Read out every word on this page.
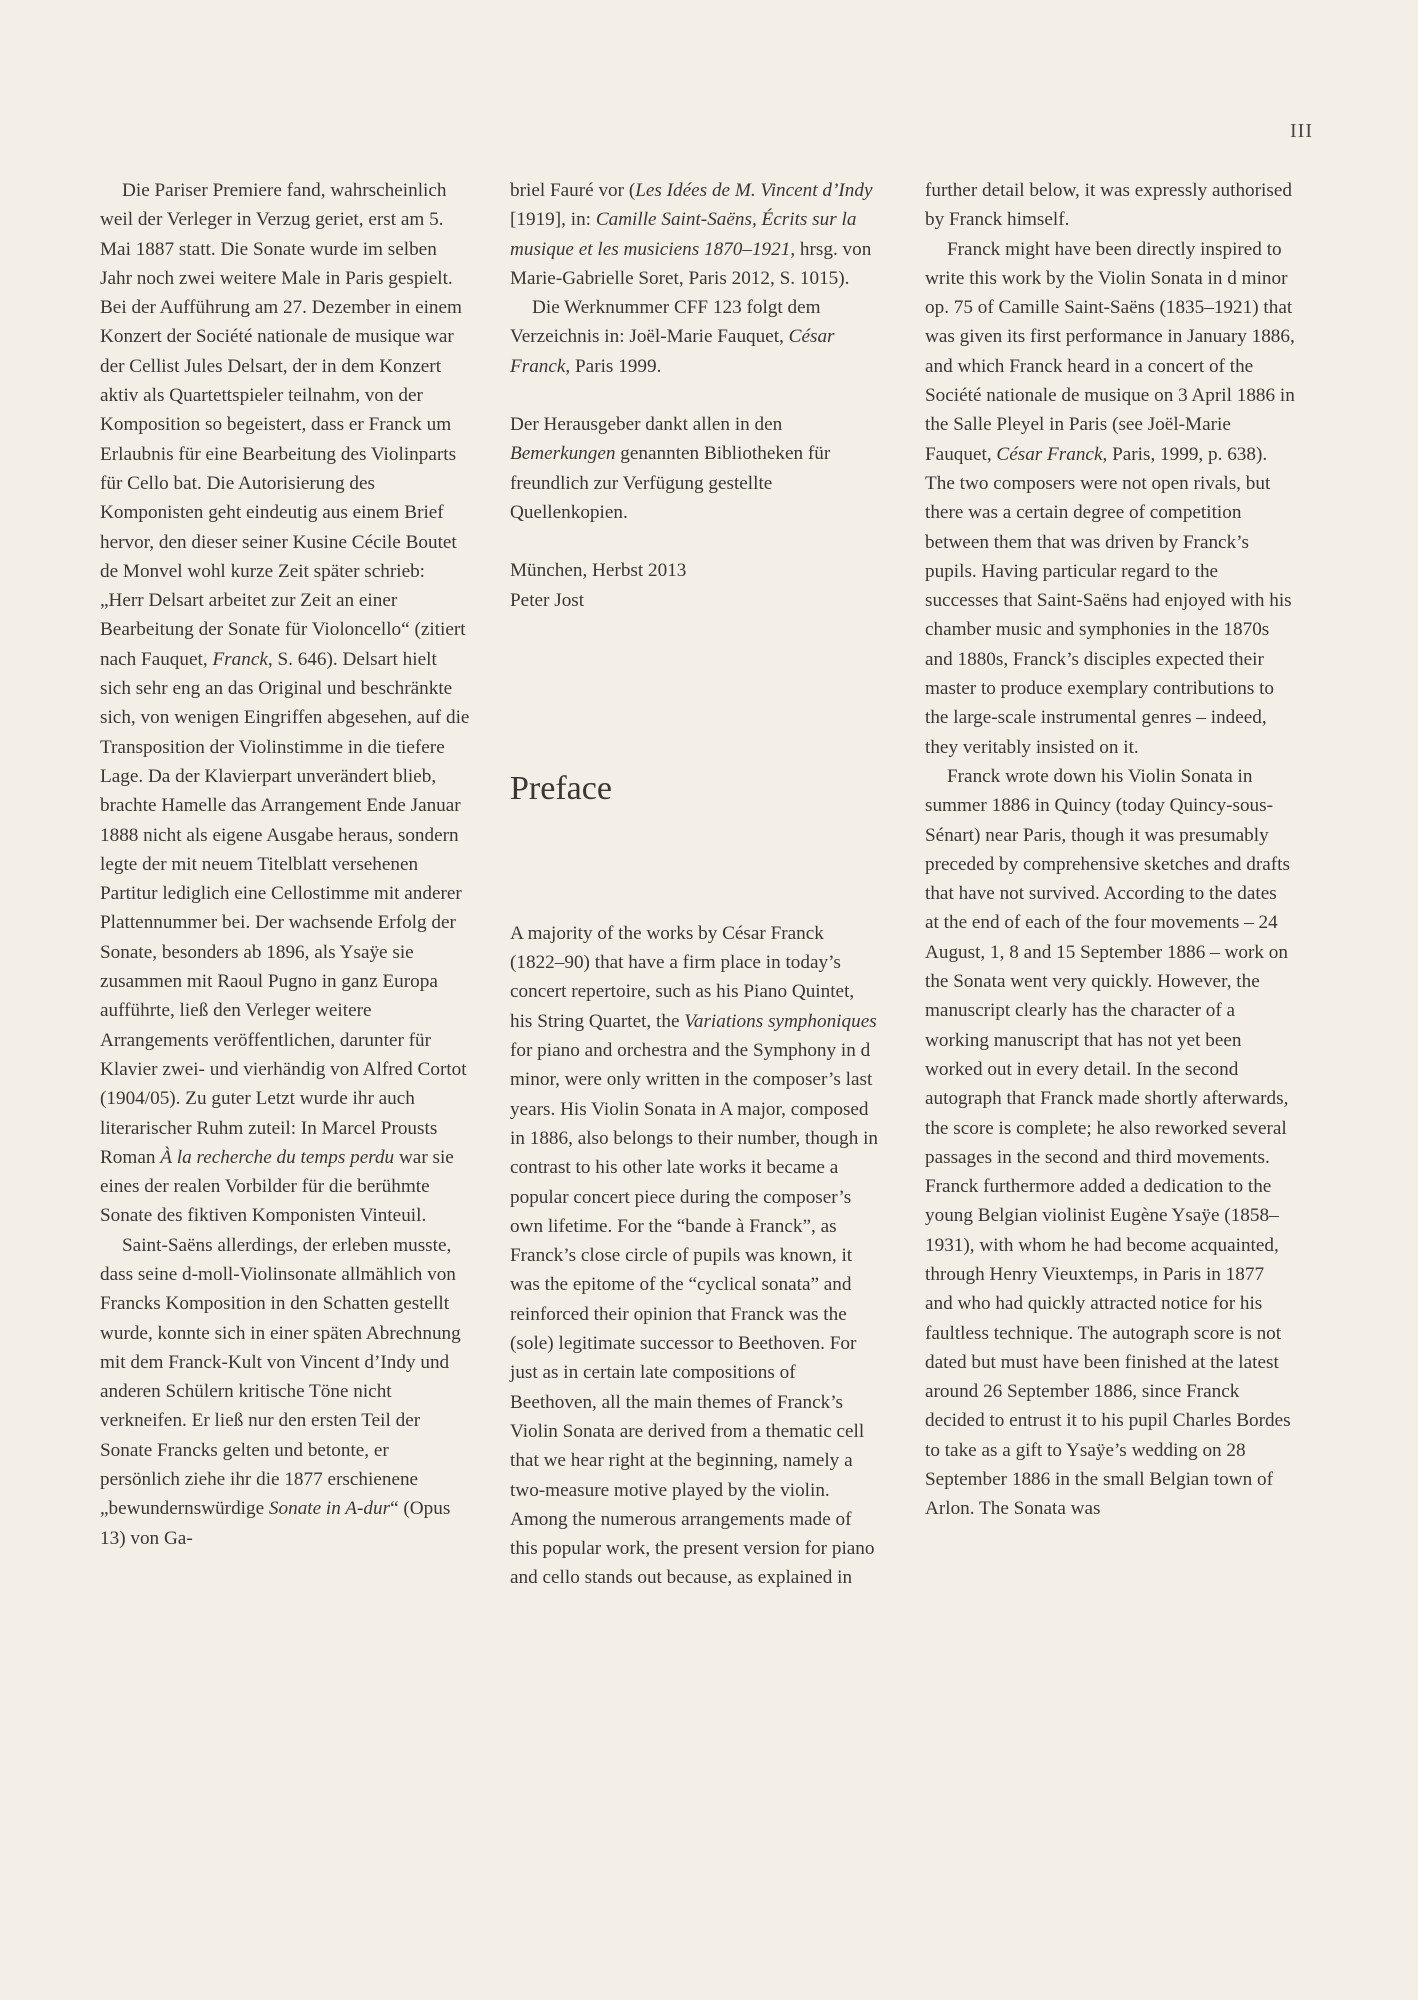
III

Die Pariser Premiere fand, wahrscheinlich weil der Verleger in Verzug geriet, erst am 5. Mai 1887 statt. Die Sonate wurde im selben Jahr noch zwei weitere Male in Paris gespielt. Bei der Aufführung am 27. Dezember in einem Konzert der Société nationale de musique war der Cellist Jules Delsart, der in dem Konzert aktiv als Quartettspieler teilnahm, von der Komposition so begeistert, dass er Franck um Erlaubnis für eine Bearbeitung des Violinparts für Cello bat. Die Autorisierung des Komponisten geht eindeutig aus einem Brief hervor, den dieser seiner Kusine Cécile Boutet de Monvel wohl kurze Zeit später schrieb: „Herr Delsart arbeitet zur Zeit an einer Bearbeitung der Sonate für Violoncello“ (zitiert nach Fauquet, Franck, S. 646). Delsart hielt sich sehr eng an das Original und beschränkte sich, von wenigen Eingriffen abgesehen, auf die Transposition der Violinstimme in die tiefere Lage. Da der Klavierpart unverändert blieb, brachte Hamelle das Arrangement Ende Januar 1888 nicht als eigene Ausgabe heraus, sondern legte der mit neuem Titelblatt versehenen Partitur lediglich eine Cellostimme mit anderer Plattennummer bei. Der wachsende Erfolg der Sonate, besonders ab 1896, als Ysaÿe sie zusammen mit Raoul Pugno in ganz Europa aufführte, ließ den Verleger weitere Arrangements veröffentlichen, darunter für Klavier zwei- und vierhändig von Alfred Cortot (1904/05). Zu guter Letzt wurde ihr auch literarischer Ruhm zuteil: In Marcel Prousts Roman À la recherche du temps perdu war sie eines der realen Vorbilder für die berühmte Sonate des fiktiven Komponisten Vinteuil.

Saint-Saëns allerdings, der erleben musste, dass seine d-moll-Violinsonate allmählich von Francks Komposition in den Schatten gestellt wurde, konnte sich in einer späten Abrechnung mit dem Franck-Kult von Vincent d’Indy und anderen Schülern kritische Töne nicht verkneifen. Er ließ nur den ersten Teil der Sonate Francks gelten und betonte, er persönlich ziehe ihr die 1877 erschienene „bewundernswürdige Sonate in A-dur“ (Opus 13) von Ga-

briel Fauré vor (Les Idées de M. Vincent d’Indy [1919], in: Camille Saint-Saëns, Écrits sur la musique et les musiciens 1870–1921, hrsg. von Marie-Gabrielle Soret, Paris 2012, S. 1015).

Die Werknummer CFF 123 folgt dem Verzeichnis in: Joël-Marie Fauquet, César Franck, Paris 1999.

Der Herausgeber dankt allen in den Bemerkungen genannten Bibliotheken für freundlich zur Verfügung gestellte Quellenkopien.

München, Herbst 2013

Peter Jost

Preface

A majority of the works by César Franck (1822–90) that have a firm place in today’s concert repertoire, such as his Piano Quintet, his String Quartet, the Variations symphoniques for piano and orchestra and the Symphony in d minor, were only written in the composer’s last years. His Violin Sonata in A major, composed in 1886, also belongs to their number, though in contrast to his other late works it became a popular concert piece during the composer’s own lifetime. For the “bande à Franck”, as Franck’s close circle of pupils was known, it was the epitome of the “cyclical sonata” and reinforced their opinion that Franck was the (sole) legitimate successor to Beethoven. For just as in certain late compositions of Beethoven, all the main themes of Franck’s Violin Sonata are derived from a thematic cell that we hear right at the beginning, namely a two-measure motive played by the violin. Among the numerous arrangements made of this popular work, the present version for piano and cello stands out because, as explained in

further detail below, it was expressly authorised by Franck himself.

Franck might have been directly inspired to write this work by the Violin Sonata in d minor op. 75 of Camille Saint-Saëns (1835–1921) that was given its first performance in January 1886, and which Franck heard in a concert of the Société nationale de musique on 3 April 1886 in the Salle Pleyel in Paris (see Joël-Marie Fauquet, César Franck, Paris, 1999, p. 638). The two composers were not open rivals, but there was a certain degree of competition between them that was driven by Franck’s pupils. Having particular regard to the successes that Saint-Saëns had enjoyed with his chamber music and symphonies in the 1870s and 1880s, Franck’s disciples expected their master to produce exemplary contributions to the large-scale instrumental genres – indeed, they veritably insisted on it.

Franck wrote down his Violin Sonata in summer 1886 in Quincy (today Quincy-sous-Sénart) near Paris, though it was presumably preceded by comprehensive sketches and drafts that have not survived. According to the dates at the end of each of the four movements – 24 August, 1, 8 and 15 September 1886 – work on the Sonata went very quickly. However, the manuscript clearly has the character of a working manuscript that has not yet been worked out in every detail. In the second autograph that Franck made shortly afterwards, the score is complete; he also reworked several passages in the second and third movements. Franck furthermore added a dedication to the young Belgian violinist Eugène Ysaÿe (1858–1931), with whom he had become acquainted, through Henry Vieuxtemps, in Paris in 1877 and who had quickly attracted notice for his faultless technique. The autograph score is not dated but must have been finished at the latest around 26 September 1886, since Franck decided to entrust it to his pupil Charles Bordes to take as a gift to Ysaÿe’s wedding on 28 September 1886 in the small Belgian town of Arlon. The Sonata was
